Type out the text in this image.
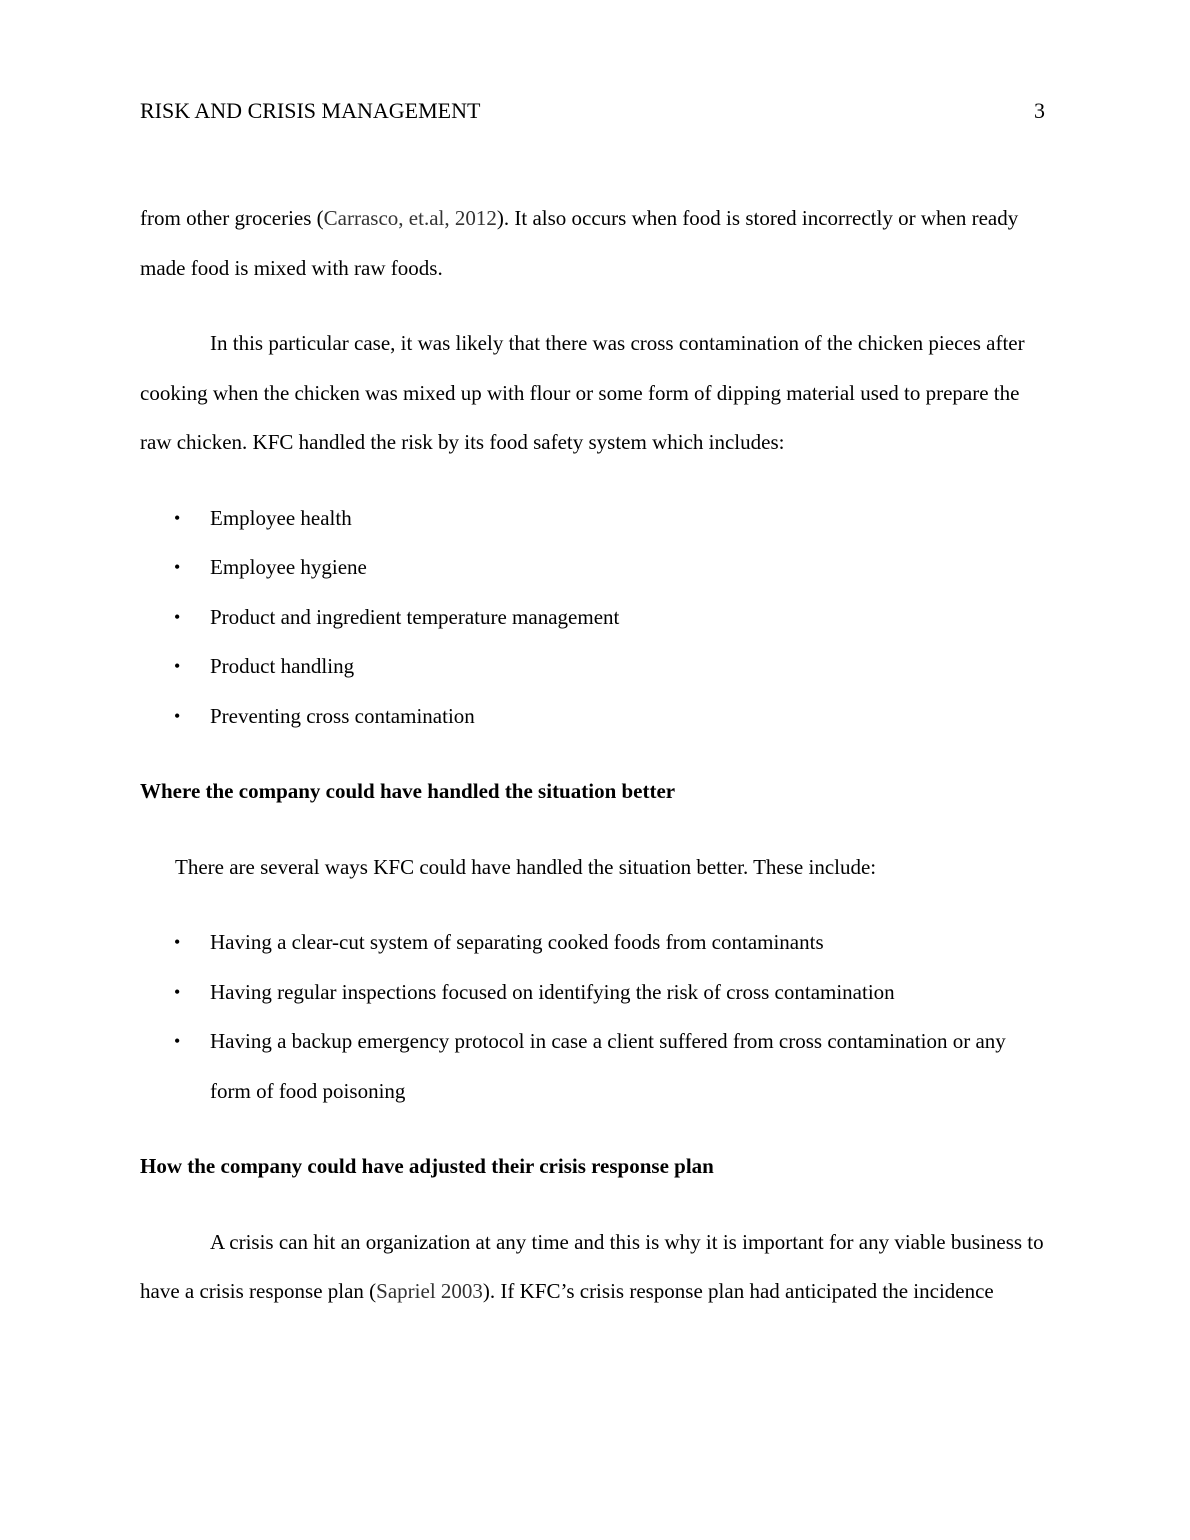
RISK AND CRISIS MANAGEMENT	3

from other groceries (Carrasco, et.al, 2012). It also occurs when food is stored incorrectly or when ready made food is mixed with raw foods.

In this particular case, it was likely that there was cross contamination of the chicken pieces after cooking when the chicken was mixed up with flour or some form of dipping material used to prepare the raw chicken. KFC handled the risk by its food safety system which includes:

• Employee health
• Employee hygiene
• Product and ingredient temperature management
• Product handling
• Preventing cross contamination
Where the company could have handled the situation better

There are several ways KFC could have handled the situation better. These include:

• Having a clear-cut system of separating cooked foods from contaminants
• Having regular inspections focused on identifying the risk of cross contamination
• Having a backup emergency protocol in case a client suffered from cross contamination or any form of food poisoning
How the company could have adjusted their crisis response plan

A crisis can hit an organization at any time and this is why it is important for any viable business to have a crisis response plan (Sapriel 2003). If KFC’s crisis response plan had anticipated the incidence
